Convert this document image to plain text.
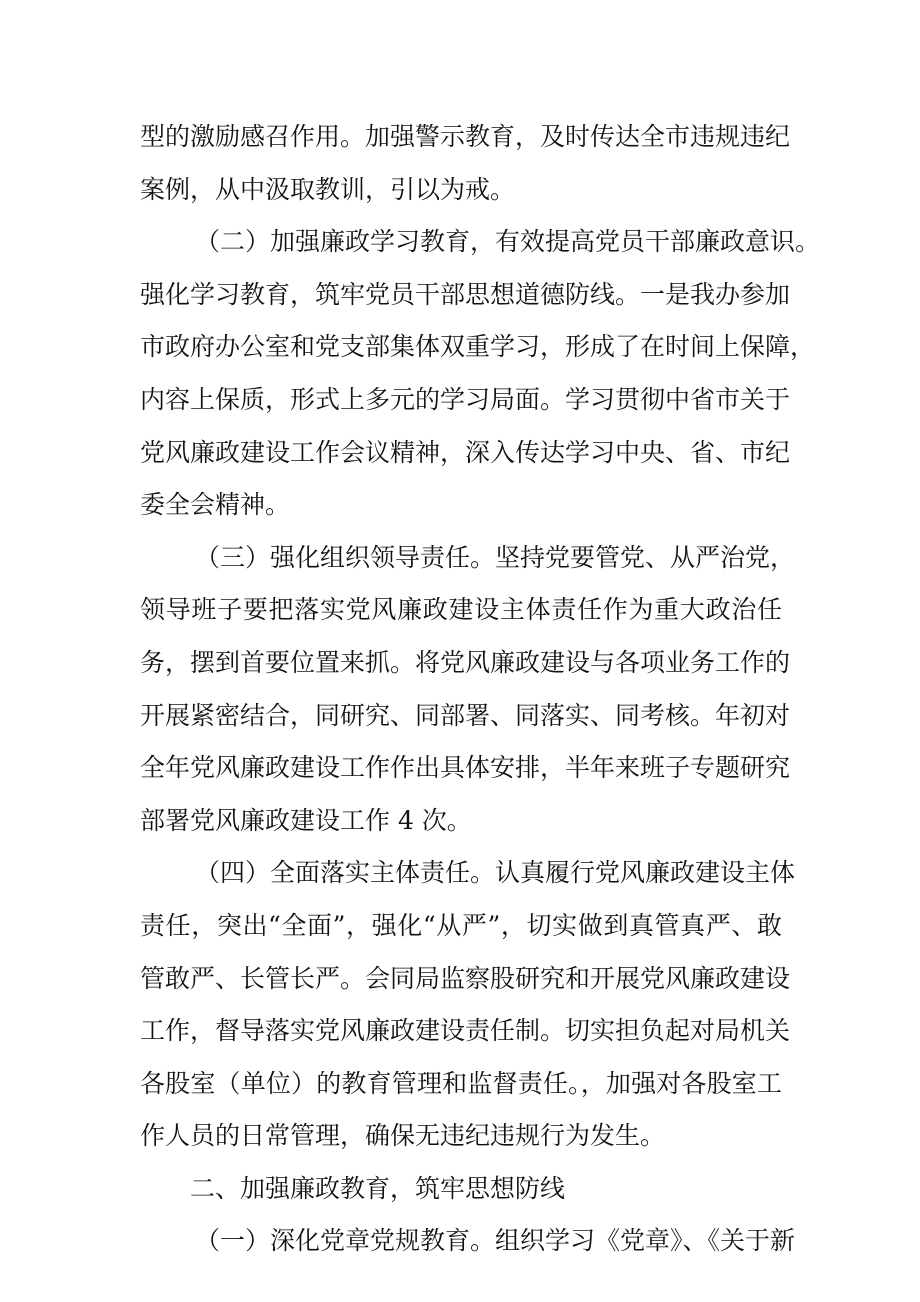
型的激励感召作用。加强警示教育，及时传达全市违规违纪
案例，从中汲取教训，引以为戒。
（二）加强廉政学习教育，有效提高党员干部廉政意识。
强化学习教育，筑牢党员干部思想道德防线。一是我办参加
市政府办公室和党支部集体双重学习，形成了在时间上保障，
内容上保质，形式上多元的学习局面。学习贯彻中省市关于
党风廉政建设工作会议精神，深入传达学习中央、省、市纪
委全会精神。
（三）强化组织领导责任。坚持党要管党、从严治党，
领导班子要把落实党风廉政建设主体责任作为重大政治任
务，摆到首要位置来抓。将党风廉政建设与各项业务工作的
开展紧密结合，同研究、同部署、同落实、同考核。年初对
全年党风廉政建设工作作出具体安排，半年来班子专题研究
部署党风廉政建设工作 4 次。
（四）全面落实主体责任。认真履行党风廉政建设主体
责任，突出“全面”，强化“从严”，切实做到真管真严、敢
管敢严、长管长严。会同局监察股研究和开展党风廉政建设
工作，督导落实党风廉政建设责任制。切实担负起对局机关
各股室（单位）的教育管理和监督责任。，加强对各股室工
作人员的日常管理，确保无违纪违规行为发生。
二、加强廉政教育，筑牢思想防线
（一）深化党章党规教育。组织学习《党章》、《关于新
